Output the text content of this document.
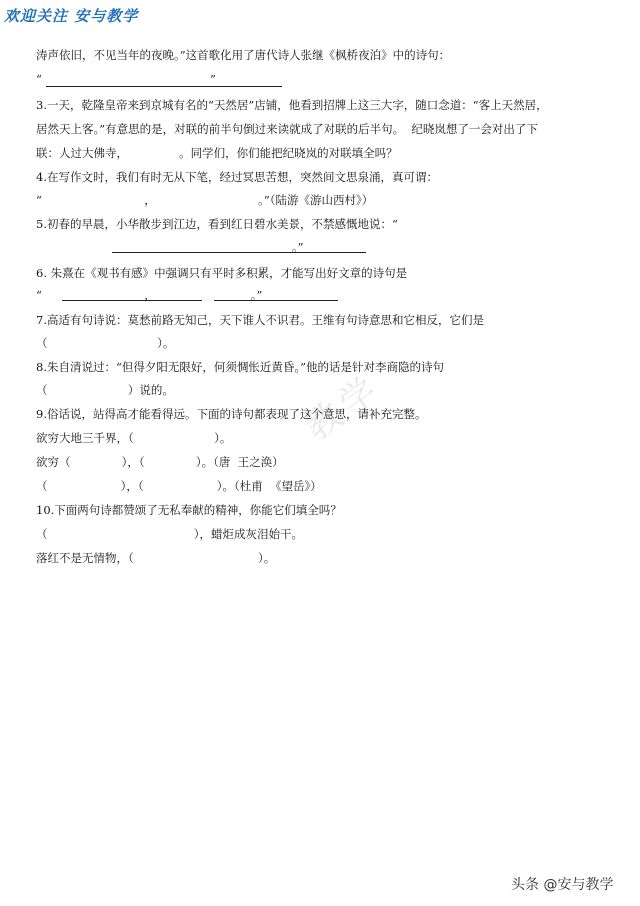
欢迎关注 安与教学
教学
涛声依旧，不见当年的夜晚。”这首歌化用了唐代诗人张继《枫桥夜泊》中的诗句：
“                                              ”
3.一天，乾隆皇帝来到京城有名的“天然居”店铺，他看到招牌上这三大字，随口念道：“客上天然居，
居然天上客。”有意思的是，对联的前半句倒过来读就成了对联的后半句。  纪晓岚想了一会对出了下
联：人过大佛寺，              。同学们，你们能把纪晓岚的对联填全吗？
4.在写作文时，我们有时无从下笔，经过冥思苦想，突然间文思泉涌，真可谓：
“                            ，                            。”（陆游《游山西村》）
5.初春的早晨，小华散步到江边，看到红日碧水美景，不禁感慨地说：“
。”
6. 朱熹在《观书有感》中强调只有平时多积累，才能写出好文章的诗句是
“                            ，                          。”
7.高适有句诗说：莫愁前路无知己，天下谁人不识君。王维有句诗意思和它相反，它们是
（                              ）。
8.朱自清说过：“但得夕阳无限好，何须惆怅近黄昏。”他的话是针对李商隐的诗句
（                      ）说的。
9.俗话说，站得高才能看得远。下面的诗句都表现了这个意思，请补充完整。
欲穷大地三千界，（                      ）。
欲穷（              ），（              ）。（唐  王之涣）
（                    ），（                    ）。（杜甫  《望岳》）
10.下面两句诗都赞颂了无私奉献的精神，你能它们填全吗？
（                                        ），蜡炬成灰泪始干。
落红不是无情物，（                                  ）。
头条 @安与教学
